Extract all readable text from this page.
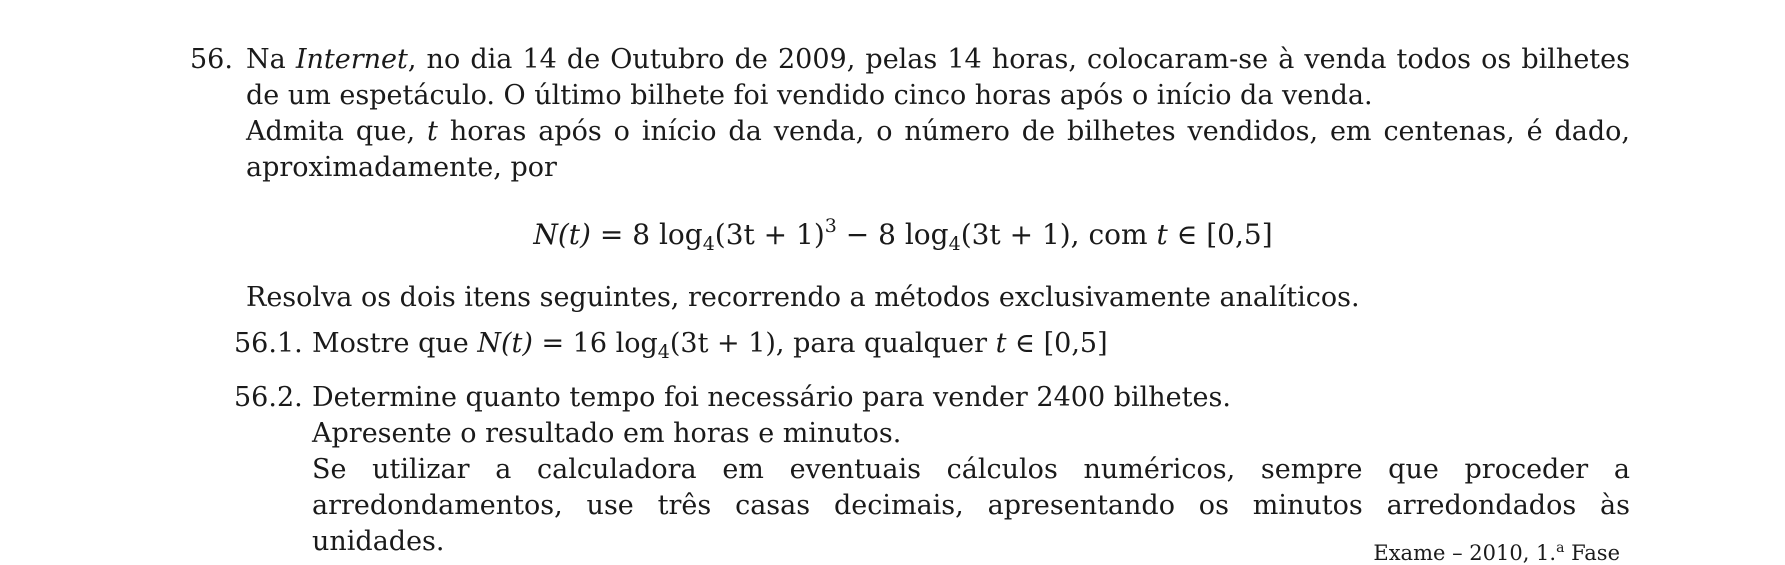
56. Na Internet, no dia 14 de Outubro de 2009, pelas 14 horas, colocaram-se à venda todos os bilhetes de um espetáculo. O último bilhete foi vendido cinco horas após o início da venda.

Admita que, t horas após o início da venda, o número de bilhetes vendidos, em centenas, é dado, aproximadamente, por

N(t) = 8 $\log_4(3t + 1)^3 - 8$ $\log_4(3t + 1)$, com t ∈ [0,5]

Resolva os dois itens seguintes, recorrendo a métodos exclusivamente analíticos.

56.1. Mostre que N(t) = 16 $\log_4(3t + 1)$, para qualquer t ∈ [0,5]
56.2. Determine quanto tempo foi necessário para vender 2400 bilhetes.
Apresente o resultado em horas e minutos.
Se utilizar a calculadora em eventuais cálculos numéricos, sempre que proceder a arredondamentos, use três casas decimais, apresentando os minutos arredondados às unidades.	Exame – 2010, 1.$^a$ Fase
